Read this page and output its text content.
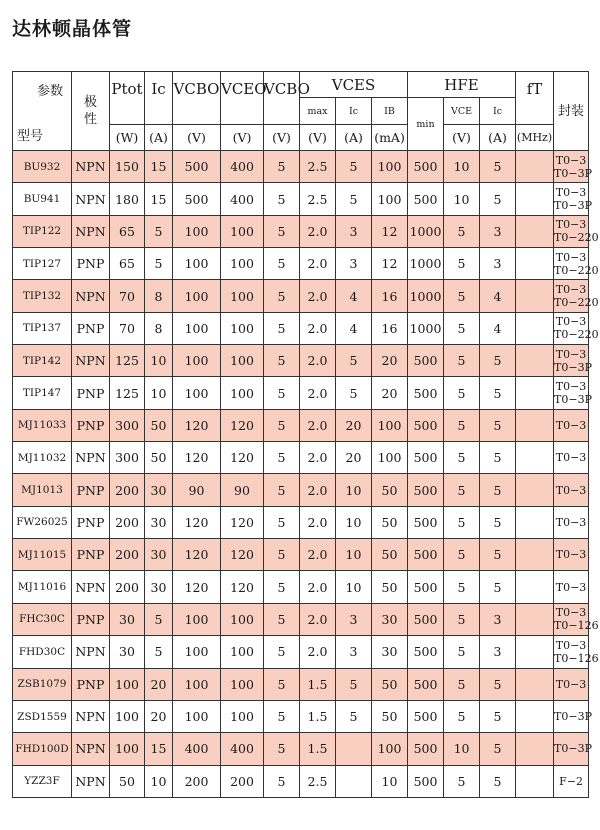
达林顿晶体管
参数
型号	极性	Ptot	Ic	VCBO	VCEO	VCBO	VCES			HFE			fT	封装
							max	Ic	IB	min	VCE	Ic		
		(W)	(A)	(V)	(V)	(V)	(V)	(A)	(mA)		(V)	(A)	(MHz)	
BU932	NPN	150	15	500	400	5	2.5	5	100	500	10	5		T0−3
T0−3P

BU941	NPN	180	15	500	400	5	2.5	5	100	500	10	5		T0−3
T0−3P

TIP122	NPN	65	5	100	100	5	2.0	3	12	1000	5	3		T0−3
T0−220

TIP127	PNP	65	5	100	100	5	2.0	3	12	1000	5	3		T0−3
T0−220

TIP132	NPN	70	8	100	100	5	2.0	4	16	1000	5	4		T0−3
T0−220

TIP137	PNP	70	8	100	100	5	2.0	4	16	1000	5	4		T0−3
T0−220

TIP142	NPN	125	10	100	100	5	2.0	5	20	500	5	5		T0−3
T0−3P

TIP147	PNP	125	10	100	100	5	2.0	5	20	500	5	5		T0−3
T0−3P

MJ11033	PNP	300	50	120	120	5	2.0	20	100	500	5	5		T0−3

MJ11032	NPN	300	50	120	120	5	2.0	20	100	500	5	5		T0−3

MJ1013	PNP	200	30	90	90	5	2.0	10	50	500	5	5		T0−3

FW26025	PNP	200	30	120	120	5	2.0	10	50	500	5	5		T0−3

MJ11015	PNP	200	30	120	120	5	2.0	10	50	500	5	5		T0−3

MJ11016	NPN	200	30	120	120	5	2.0	10	50	500	5	5		T0−3

FHC30C	PNP	30	5	100	100	5	2.0	3	30	500	5	3		T0−3
T0−126

FHD30C	NPN	30	5	100	100	5	2.0	3	30	500	5	3		T0−3
T0−126

ZSB1079	PNP	100	20	100	100	5	1.5	5	50	500	5	5		T0−3

ZSD1559	NPN	100	20	100	100	5	1.5	5	50	500	5	5		T0−3P

FHD100D	NPN	100	15	400	400	5	1.5		100	500	10	5		T0−3P

YZZ3F	NPN	50	10	200	200	5	2.5		10	500	5	5		F−2
